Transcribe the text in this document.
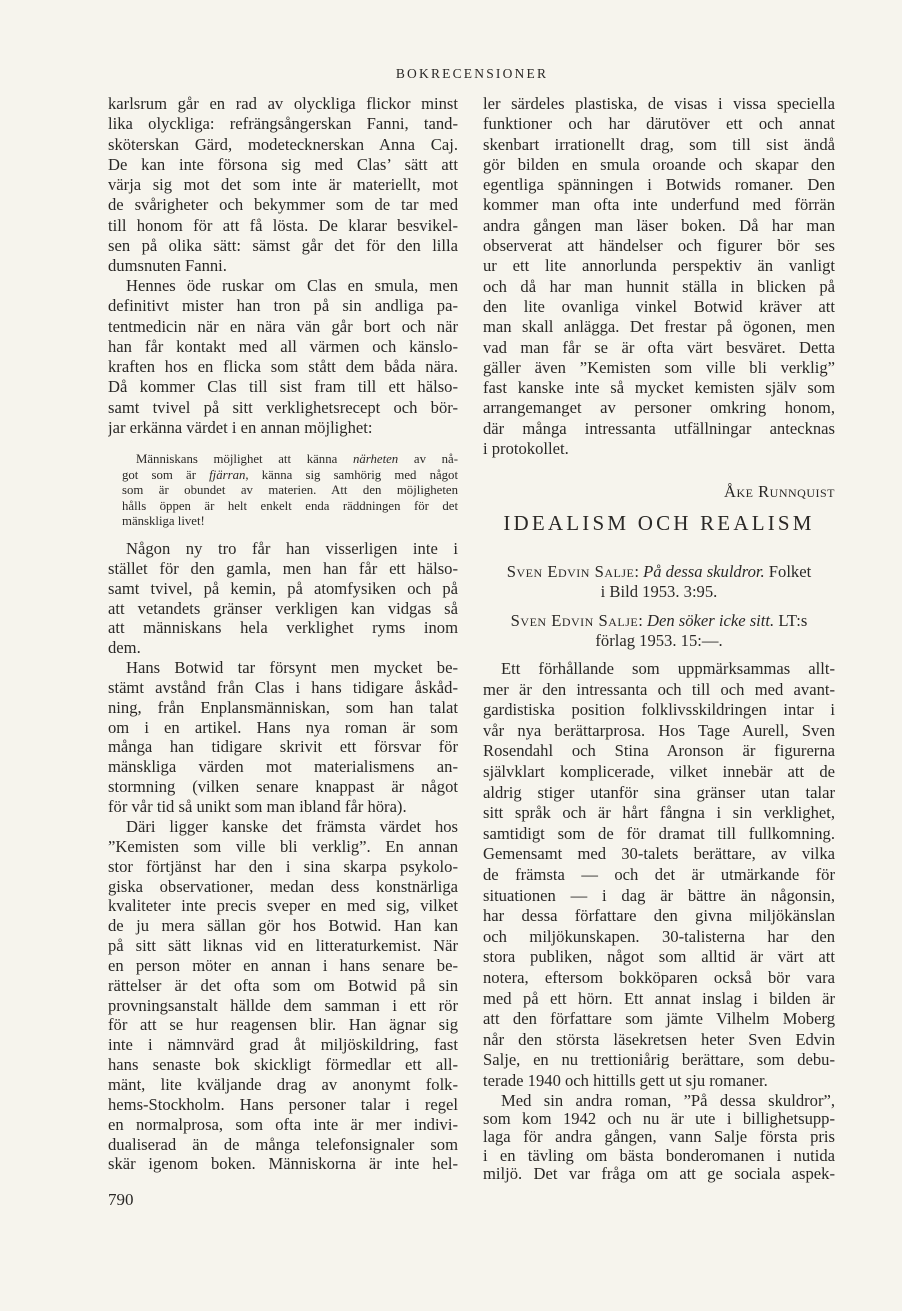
BOKRECENSIONER
karlsrum går en rad av olyckliga flickor minst
lika olyckliga: refrängsångerskan Fanni, tand-
sköterskan Gärd, modetecknerskan Anna Caj.
De kan inte försona sig med Clas’ sätt att
värja sig mot det som inte är materiellt, mot
de svårigheter och bekymmer som de tar med
till honom för att få lösta. De klarar besvikel-
sen på olika sätt: sämst går det för den lilla
dumsnuten Fanni.
Hennes öde ruskar om Clas en smula, men
definitivt mister han tron på sin andliga pa-
tentmedicin när en nära vän går bort och när
han får kontakt med all värmen och känslo-
kraften hos en flicka som stått dem båda nära.
Då kommer Clas till sist fram till ett hälso-
samt tvivel på sitt verklighetsrecept och bör-
jar erkänna värdet i en annan möjlighet:
Människans möjlighet att känna närheten av nå-
got som är fjärran, känna sig samhörig med något
som är obundet av materien. Att den möjligheten
hålls öppen är helt enkelt enda räddningen för det
mänskliga livet!
Någon ny tro får han visserligen inte i
stället för den gamla, men han får ett hälso-
samt tvivel, på kemin, på atomfysiken och på
att vetandets gränser verkligen kan vidgas så
att människans hela verklighet ryms inom
dem.
Hans Botwid tar försynt men mycket be-
stämt avstånd från Clas i hans tidigare åskåd-
ning, från Enplansmänniskan, som han talat
om i en artikel. Hans nya roman är som
många han tidigare skrivit ett försvar för
mänskliga värden mot materialismens an-
stormning (vilken senare knappast är något
för vår tid så unikt som man ibland får höra).
Däri ligger kanske det främsta värdet hos
”Kemisten som ville bli verklig”. En annan
stor förtjänst har den i sina skarpa psykolo-
giska observationer, medan dess konstnärliga
kvaliteter inte precis sveper en med sig, vilket
de ju mera sällan gör hos Botwid. Han kan
på sitt sätt liknas vid en litteraturkemist. När
en person möter en annan i hans senare be-
rättelser är det ofta som om Botwid på sin
provningsanstalt hällde dem samman i ett rör
för att se hur reagensen blir. Han ägnar sig
inte i nämnvärd grad åt miljöskildring, fast
hans senaste bok skickligt förmedlar ett all-
mänt, lite kväljande drag av anonymt folk-
hems-Stockholm. Hans personer talar i regel
en normalprosa, som ofta inte är mer indivi-
dualiserad än de många telefonsignaler som
skär igenom boken. Människorna är inte hel-
ler särdeles plastiska, de visas i vissa speciella
funktioner och har därutöver ett och annat
skenbart irrationellt drag, som till sist ändå
gör bilden en smula oroande och skapar den
egentliga spänningen i Botwids romaner. Den
kommer man ofta inte underfund med förrän
andra gången man läser boken. Då har man
observerat att händelser och figurer bör ses
ur ett lite annorlunda perspektiv än vanligt
och då har man hunnit ställa in blicken på
den lite ovanliga vinkel Botwid kräver att
man skall anlägga. Det frestar på ögonen, men
vad man får se är ofta värt besväret. Detta
gäller även ”Kemisten som ville bli verklig”
fast kanske inte så mycket kemisten själv som
arrangemanget av personer omkring honom,
där många intressanta utfällningar antecknas
i protokollet.
Åke Runnquist
IDEALISM OCH REALISM
Sven Edvin Salje: På dessa skuldror. Folket
i Bild 1953. 3:95.
Sven Edvin Salje: Den söker icke sitt. LT:s
förlag 1953. 15:—.
Ett förhållande som uppmärksammas allt-
mer är den intressanta och till och med avant-
gardistiska position folklivsskildringen intar i
vår nya berättarprosa. Hos Tage Aurell, Sven
Rosendahl och Stina Aronson är figurerna
självklart komplicerade, vilket innebär att de
aldrig stiger utanför sina gränser utan talar
sitt språk och är hårt fångna i sin verklighet,
samtidigt som de för dramat till fullkomning.
Gemensamt med 30-talets berättare, av vilka
de främsta — och det är utmärkande för
situationen — i dag är bättre än någonsin,
har dessa författare den givna miljökänslan
och miljökunskapen. 30-talisterna har den
stora publiken, något som alltid är värt att
notera, eftersom bokköparen också bör vara
med på ett hörn. Ett annat inslag i bilden är
att den författare som jämte Vilhelm Moberg
når den största läsekretsen heter Sven Edvin
Salje, en nu trettioniårig berättare, som debu-
terade 1940 och hittills gett ut sju romaner.
Med sin andra roman, ”På dessa skuldror”,
som kom 1942 och nu är ute i billighetsupp-
laga för andra gången, vann Salje första pris
i en tävling om bästa bonderomanen i nutida
miljö. Det var fråga om att ge sociala aspek-
790
